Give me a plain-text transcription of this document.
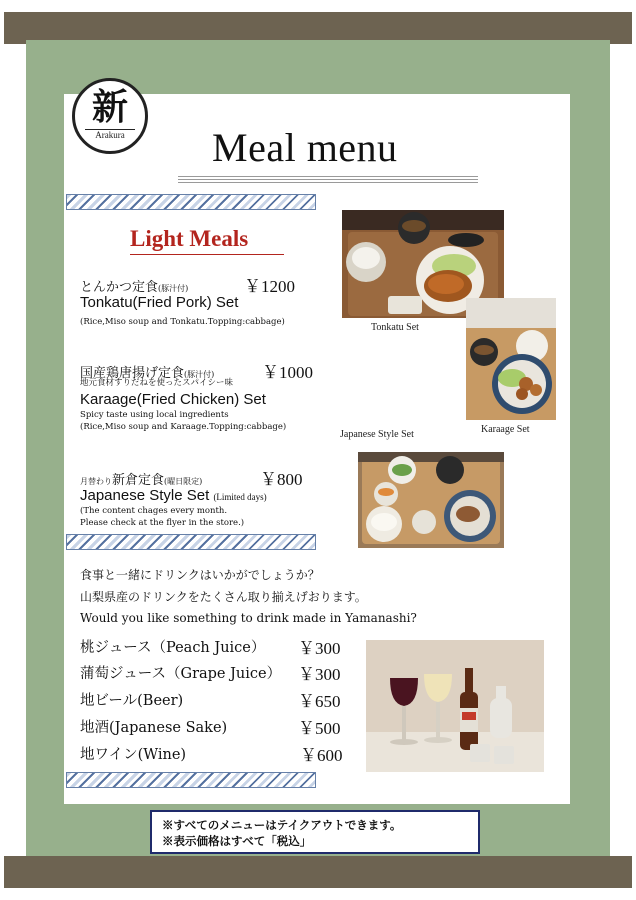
新
Arakura Meal menu
Light Meals
とんかつ定食(豚汁付)	￥1200
Tonkatu(Fried Pork) Set
(Rice,Miso soup and Tonkatu.Topping:cabbage)
国産鶏唐揚げ定食(豚汁付)	￥1000
地元食材すりだねを使ったスパイシー味
Karaage(Fried Chicken) Set
Spicy taste using local ingredients
(Rice,Miso soup and Karaage.Topping:cabbage)
月替わり新倉定食(曜日限定)	￥800
Japanese Style Set (Limited days)
(The content chages every month.
Please check at the flyer in the store.)
Tonkatu Set
Karaage Set
Japanese Style Set
食事と一緒にドリンクはいかがでしょうか？
山梨県産のドリンクをたくさん取り揃えげおります。
Would you like something to drink made in Yamanashi?
桃ジュース（Peach Juice） ￥300
蒲萄ジュース（Grape Juice） ￥300
地ビール(Beer)	￥650
地酒(Japanese Sake)	￥500
地ワイン(Wine)	￥600
※すべてのメニューはテイクアウトできます。
※表示価格はすべて「税込」
